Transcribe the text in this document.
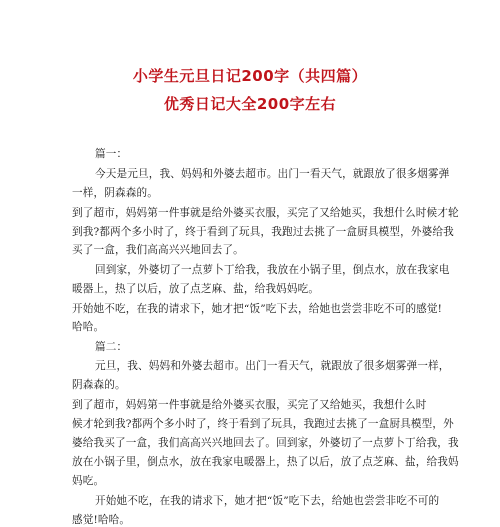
小学生元旦日记200字（共四篇）
优秀日记大全200字左右
篇一：
今天是元旦，我、妈妈和外婆去超市。出门一看天气，就跟放了很多烟雾弹
一样，阴森森的。
到了超市，妈妈第一件事就是给外婆买衣服，买完了又给她买，我想什么时候才轮
到我?都两个多小时了，终于看到了玩具，我跑过去挑了一盒厨具模型，外婆给我
买了一盒，我们高高兴兴地回去了。
回到家，外婆切了一点萝卜丁给我，我放在小锅子里，倒点水，放在我家电
暖器上，热了以后，放了点芝麻、盐，给我妈妈吃。
开始她不吃，在我的请求下，她才把“饭”吃下去，给她也尝尝非吃不可的感觉!
哈哈。
篇二：
元旦，我、妈妈和外婆去超市。出门一看天气，就跟放了很多烟雾弹一样，
阴森森的。
到了超市，妈妈第一件事就是给外婆买衣服，买完了又给她买，我想什么时
候才轮到我?都两个多小时了，终于看到了玩具，我跑过去挑了一盒厨具模型，外
婆给我买了一盒，我们高高兴兴地回去了。回到家，外婆切了一点萝卜丁给我，我
放在小锅子里，倒点水，放在我家电暖器上，热了以后，放了点芝麻、盐，给我妈
妈吃。
开始她不吃，在我的请求下，她才把“饭”吃下去，给她也尝尝非吃不可的
感觉!哈哈。
